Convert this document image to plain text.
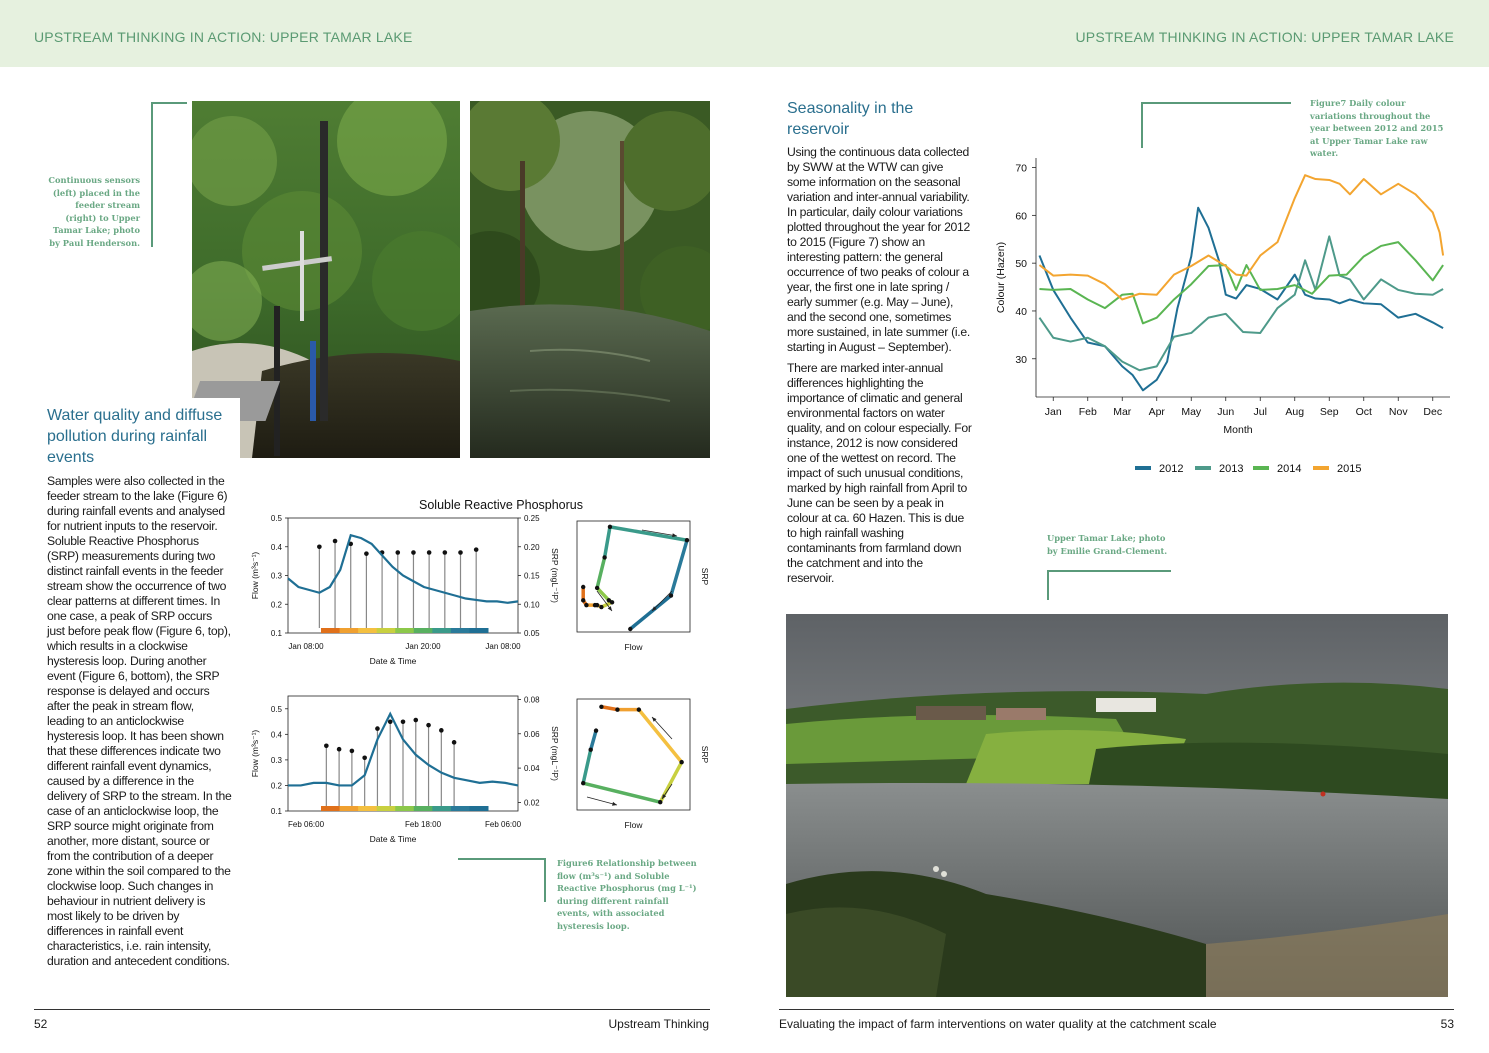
UPSTREAM THINKING IN ACTION: UPPER TAMAR LAKE	UPSTREAM THINKING IN ACTION: UPPER TAMAR LAKE
Continuous sensors (left) placed in the feeder stream (right) to Upper Tamar Lake; photo by Paul Henderson.
Water quality and diffuse pollution during rainfall events

Samples were also collected in the feeder stream to the lake (Figure 6) during rainfall events and analysed for nutrient inputs to the reservoir. Soluble Reactive Phosphorus (SRP) measurements during two distinct rainfall events in the feeder stream show the occurrence of two clear patterns at different times. In one case, a peak of SRP occurs just before peak flow (Figure 6, top), which results in a clockwise hysteresis loop. During another event (Figure 6, bottom), the SRP response is delayed and occurs after the peak in stream flow, leading to an anticlockwise hysteresis loop. It has been shown that these differences indicate two different rainfall event dynamics, caused by a difference in the delivery of SRP to the stream. In the case of an anticlockwise loop, the SRP source might originate from another, more distant, source or from the contribution of a deeper zone within the soil compared to the clockwise loop. Such changes in behaviour in nutrient delivery is most likely to be driven by differences in rainfall event characteristics, i.e. rain intensity, duration and antecedent conditions.

Soluble Reactive Phosphorus
0.1
0.2
0.3
0.4
0.5
0.05
0.10
0.15
0.20
0.25
Jan 08:00	Jan 20:00	Jan 08:00
Date & Time
Flow (m³s⁻¹)	SRP (mgL⁻¹P)
Flow
SRP
0.1
0.2
0.3
0.4
0.5
0.02
0.04
0.06
0.08
Feb 06:00	Feb 18:00	Feb 06:00
Date & Time
Flow (m³s⁻¹)	SRP (mgL⁻¹P)
Flow
SRP
Figure6 Relationship between flow (m³s⁻¹) and Soluble Reactive Phosphorus (mg L⁻¹) during different rainfall events, with associated hysteresis loop.
52	Upstream Thinking
Seasonality in the reservoir

Using the continuous data collected by SWW at the WTW can give some information on the seasonal variation and inter-annual variability. In particular, daily colour variations plotted throughout the year for 2012 to 2015 (Figure 7) show an interesting pattern: the general occurrence of two peaks of colour a year, the first one in late spring / early summer (e.g. May – June), and the second one, sometimes more sustained, in late summer (i.e. starting in August – September).

There are marked inter-annual differences highlighting the importance of climatic and general environmental factors on water quality, and on colour especially. For instance, 2012 is now considered one of the wettest on record. The impact of such unusual conditions, marked by high rainfall from April to June can be seen by a peak in colour at ca. 60 Hazen. This is due to high rainfall washing contaminants from farmland down the catchment and into the reservoir.

Figure7 Daily colour variations throughout the year between 2012 and 2015 at Upper Tamar Lake raw water.
30
40
50
60
70
Jan Feb Mar Apr May Jun Jul Aug Sep Oct Nov Dec
Month
Colour (Hazen)
2012	2013	2014	2015
Upper Tamar Lake; photo by Emilie Grand-Clement.
Evaluating the impact of farm interventions on water quality at the catchment scale	53
